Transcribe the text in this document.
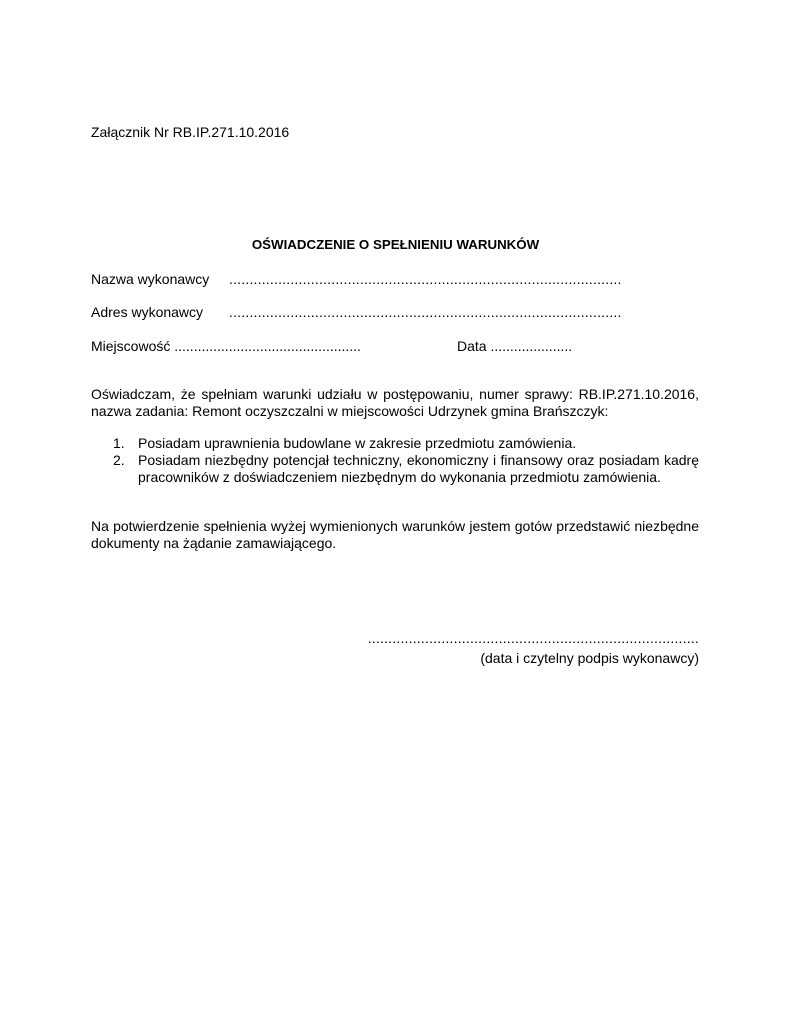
Załącznik Nr RB.IP.271.10.2016
OŚWIADCZENIE O SPEŁNIENIU WARUNKÓW
Nazwa wykonawcy ................................................................................................
Adres wykonawcy ................................................................................................
Miejscowość ................................................	Data .....................
Oświadczam, że spełniam warunki udziału w postępowaniu, numer sprawy: RB.IP.271.10.2016,
nazwa zadania: Remont oczyszczalni w miejscowości Udrzynek gmina Brańszczyk:
1. Posiadam uprawnienia budowlane w zakresie przedmiotu zamówienia.
2. Posiadam niezbędny potencjał techniczny, ekonomiczny i finansowy oraz posiadam kadrę pracowników z doświadczeniem niezbędnym do wykonania przedmiotu zamówienia.
Na potwierdzenie spełnienia wyżej wymienionych warunków jestem gotów przedstawić niezbędne dokumenty na żądanie zamawiającego.
.................................................................................
(data i czytelny podpis wykonawcy)
